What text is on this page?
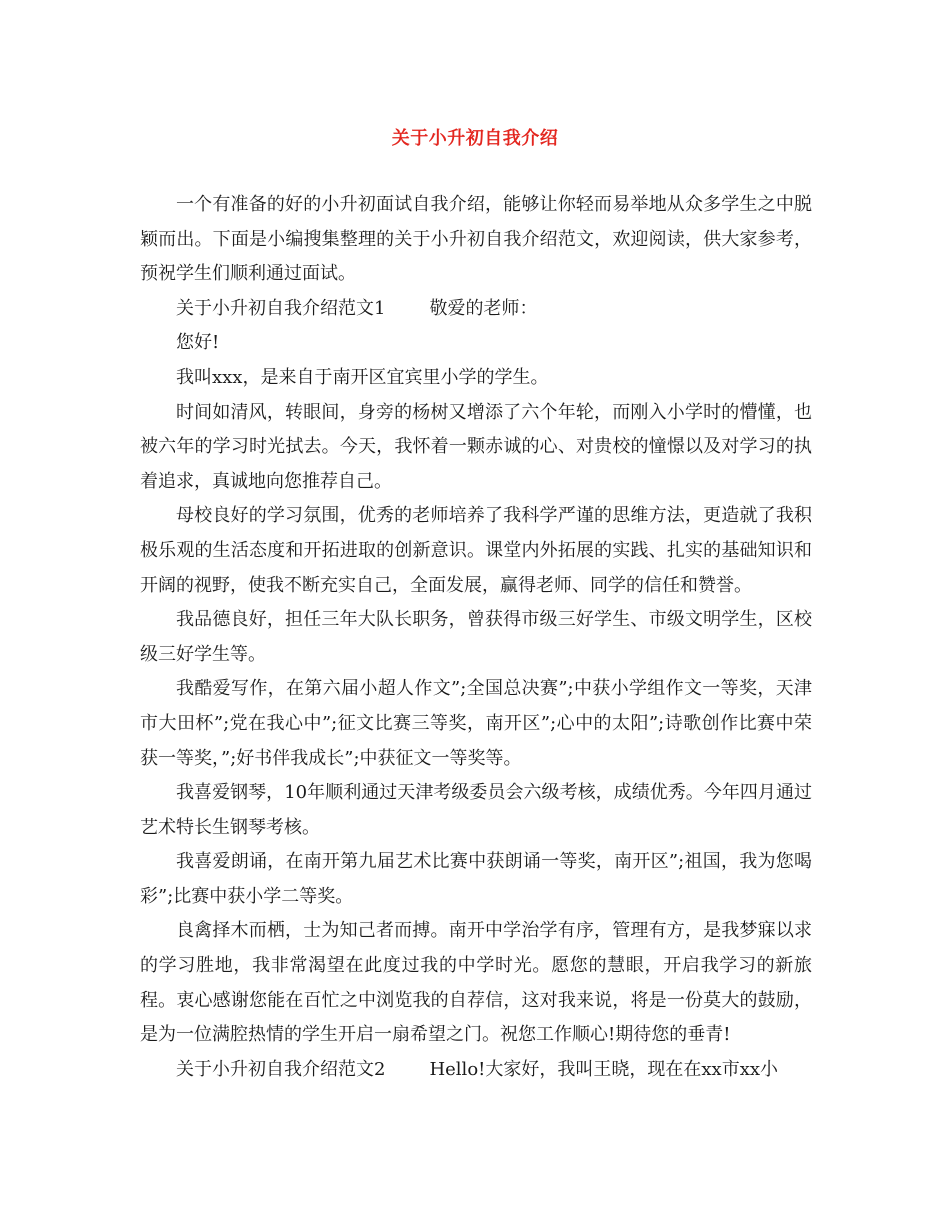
关于小升初自我介绍

一个有准备的好的小升初面试自我介绍，能够让你轻而易举地从众多学生之中脱颖而出。下面是小编搜集整理的关于小升初自我介绍范文，欢迎阅读，供大家参考，预祝学生们顺利通过面试。

关于小升初自我介绍范文1 敬爱的老师：

您好!

我叫xxx，是来自于南开区宜宾里小学的学生。

时间如清风，转眼间，身旁的杨树又增添了六个年轮，而刚入小学时的懵懂，也被六年的学习时光拭去。今天，我怀着一颗赤诚的心、对贵校的憧憬以及对学习的执着追求，真诚地向您推荐自己。

母校良好的学习氛围，优秀的老师培养了我科学严谨的思维方法，更造就了我积极乐观的生活态度和开拓进取的创新意识。课堂内外拓展的实践、扎实的基础知识和开阔的视野，使我不断充实自己，全面发展，赢得老师、同学的信任和赞誉。

我品德良好，担任三年大队长职务，曾获得市级三好学生、市级文明学生，区校级三好学生等。

我酷爱写作，在第六届小超人作文”;全国总决赛”;中获小学组作文一等奖，天津市大田杯”;党在我心中”;征文比赛三等奖，南开区”;心中的太阳”;诗歌创作比赛中荣获一等奖，”;好书伴我成长”;中获征文一等奖等。

我喜爱钢琴，10年顺利通过天津考级委员会六级考核，成绩优秀。今年四月通过艺术特长生钢琴考核。

我喜爱朗诵，在南开第九届艺术比赛中获朗诵一等奖，南开区”;祖国，我为您喝彩”;比赛中获小学二等奖。

良禽择木而栖，士为知己者而搏。南开中学治学有序，管理有方，是我梦寐以求的学习胜地，我非常渴望在此度过我的中学时光。愿您的慧眼，开启我学习的新旅程。衷心感谢您能在百忙之中浏览我的自荐信，这对我来说，将是一份莫大的鼓励，是为一位满腔热情的学生开启一扇希望之门。祝您工作顺心!期待您的垂青!

关于小升初自我介绍范文2 Hello!大家好，我叫王晓，现在在xx市xx小
